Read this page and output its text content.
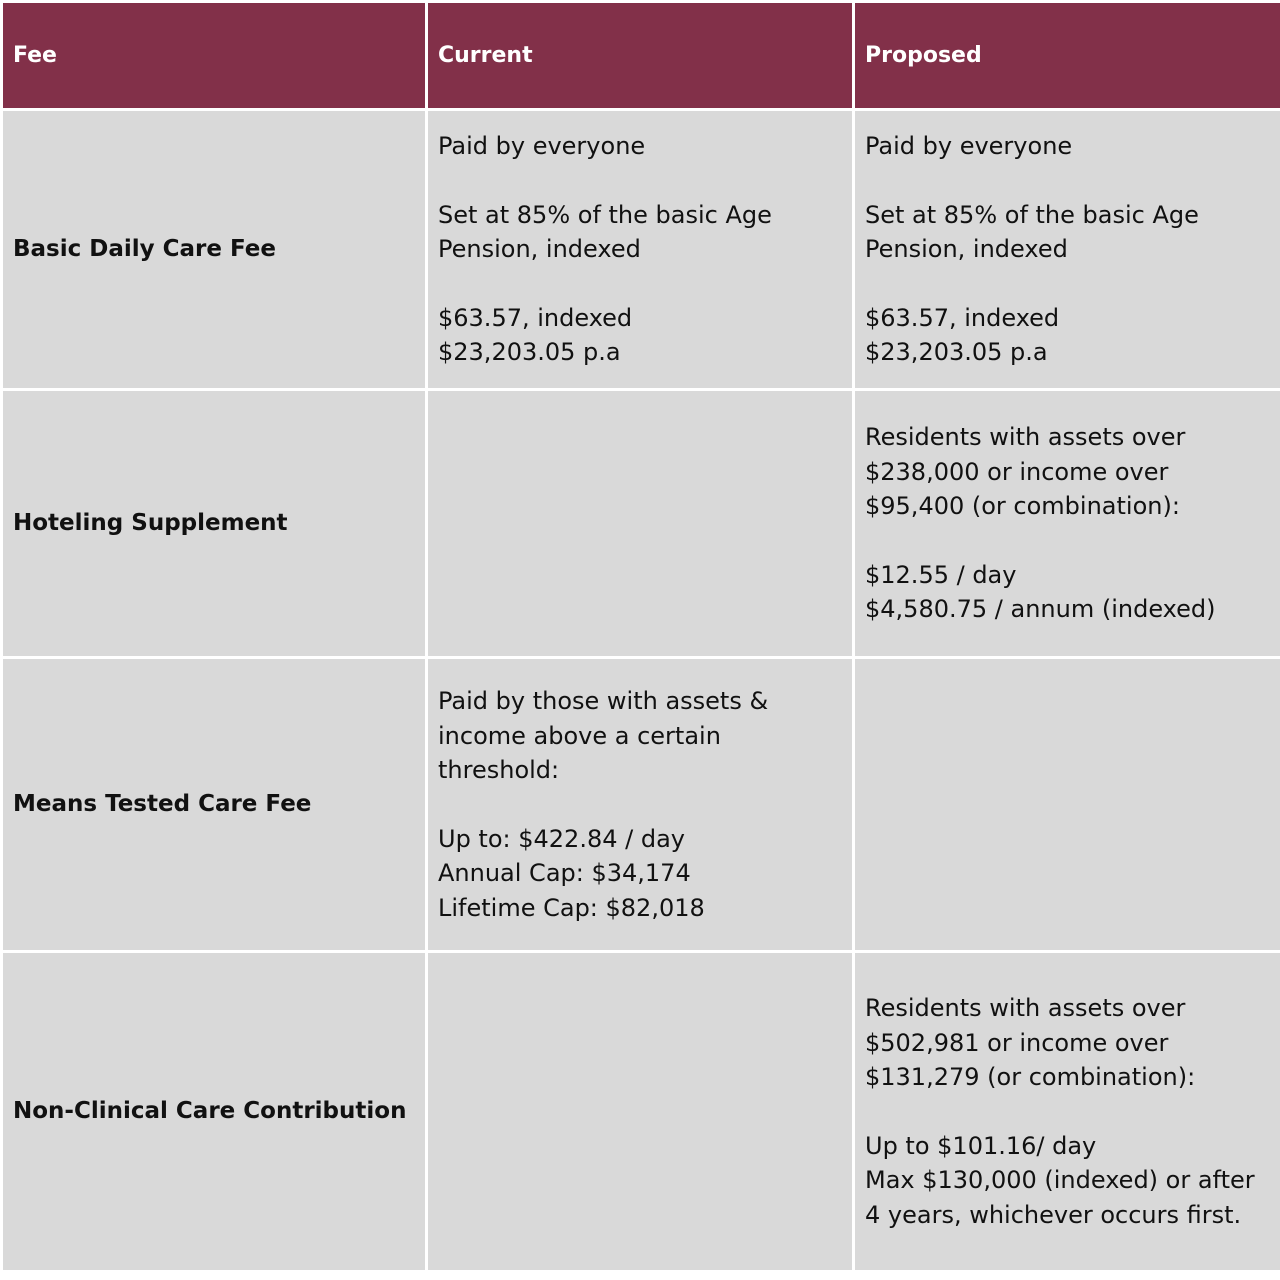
Fee	Current	Proposed
Basic Daily Care Fee	Paid by everyone
Set at 85% of the basic Age Pension, indexed
$63.57, indexed
$23,203.05 p.a	Paid by everyone
Set at 85% of the basic Age Pension, indexed
$63.57, indexed
$23,203.05 p.a

Hoteling Supplement		Residents with assets over $238,000 or income over $95,400 (or combination):
$12.55 / day
$4,580.75 / annum (indexed)

Means Tested Care Fee	Paid by those with assets & income above a certain threshold:
Up to: $422.84 / day
Annual Cap: $34,174
Lifetime Cap: $82,018	

Non-Clinical Care Contribution		Residents with assets over $502,981 or income over $131,279 (or combination):
Up to $101.16/ day
Max $130,000 (indexed) or after 4 years, whichever occurs first.
